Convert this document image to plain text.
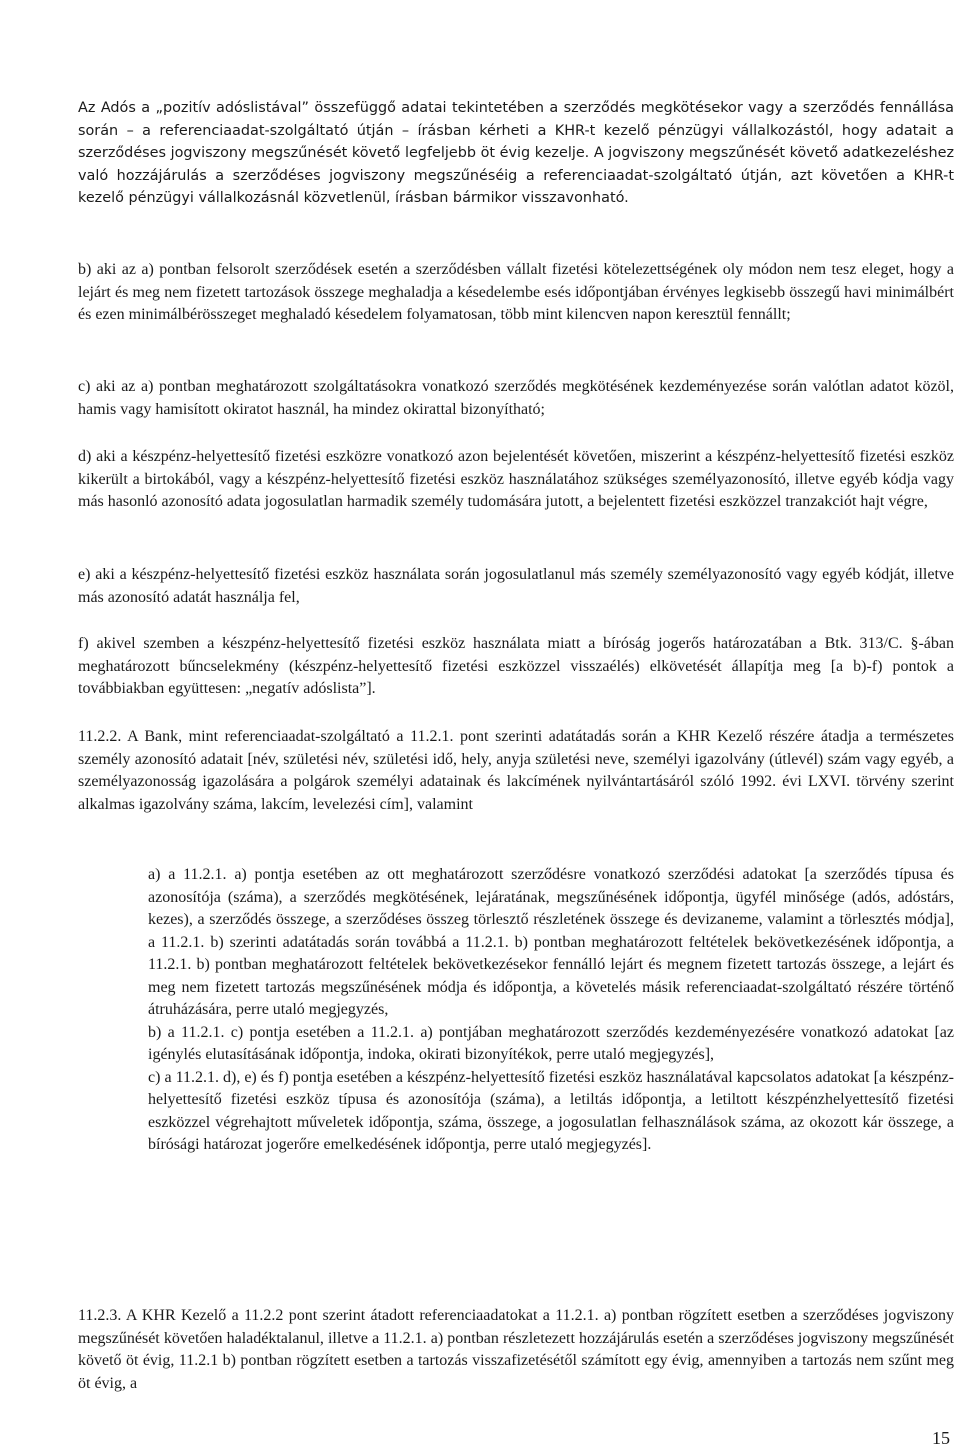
Az Adós a „pozitív adóslistával” összefüggő adatai tekintetében a szerződés megkötésekor vagy a szerződés fennállása során – a referenciaadat-szolgáltató útján – írásban kérheti a KHR-t kezelő pénzügyi vállalkozástól, hogy adatait a szerződéses jogviszony megszűnését követő legfeljebb öt évig kezelje. A jogviszony megszűnését követő adatkezeléshez való hozzájárulás a szerződéses jogviszony megszűnéséig a referenciaadat-szolgáltató útján, azt követően a KHR-t kezelő pénzügyi vállalkozásnál közvetlenül, írásban bármikor visszavonható.
b) aki az a) pontban felsorolt szerződések esetén a szerződésben vállalt fizetési kötelezettségének oly módon nem tesz eleget, hogy a lejárt és meg nem fizetett tartozások összege meghaladja a késedelembe esés időpontjában érvényes legkisebb összegű havi minimálbért és ezen minimálbérösszeget meghaladó késedelem folyamatosan, több mint kilencven napon keresztül fennállt;
c) aki az a) pontban meghatározott szolgáltatásokra vonatkozó szerződés megkötésének kezdeményezése során valótlan adatot közöl, hamis vagy hamisított okiratot használ, ha mindez okirattal bizonyítható;
d) aki a készpénz-helyettesítő fizetési eszközre vonatkozó azon bejelentését követően, miszerint a készpénz-helyettesítő fizetési eszköz kikerült a birtokából, vagy a készpénz-helyettesítő fizetési eszköz használatához szükséges személyazonosító, illetve egyéb kódja vagy más hasonló azonosító adata jogosulatlan harmadik személy tudomására jutott, a bejelentett fizetési eszközzel tranzakciót hajt végre,
e) aki a készpénz-helyettesítő fizetési eszköz használata során jogosulatlanul más személy személyazonosító vagy egyéb kódját, illetve más azonosító adatát használja fel,
f) akivel szemben a készpénz-helyettesítő fizetési eszköz használata miatt a bíróság jogerős határozatában a Btk. 313/C. §-ában meghatározott bűncselekmény (készpénz-helyettesítő fizetési eszközzel visszaélés) elkövetését állapítja meg [a b)-f) pontok a továbbiakban együttesen: „negatív adóslista”].
11.2.2. A Bank, mint referenciaadat-szolgáltató a 11.2.1. pont szerinti adatátadás során a KHR Kezelő részére átadja a természetes személy azonosító adatait [név, születési név, születési idő, hely, anyja születési neve, személyi igazolvány (útlevél) szám vagy egyéb, a személyazonosság igazolására a polgárok személyi adatainak és lakcímének nyilvántartásáról szóló 1992. évi LXVI. törvény szerint alkalmas igazolvány száma, lakcím, levelezési cím], valamint
a) a 11.2.1. a) pontja esetében az ott meghatározott szerződésre vonatkozó szerződési adatokat [a szerződés típusa és azonosítója (száma), a szerződés megkötésének, lejáratának, megszűnésének időpontja, ügyfél minősége (adós, adóstárs, kezes), a szerződés összege, a szerződéses összeg törlesztő részletének összege és devizaneme, valamint a törlesztés módja], a 11.2.1. b) szerinti adatátadás során továbbá a 11.2.1. b) pontban meghatározott feltételek bekövetkezésének időpontja, a 11.2.1. b) pontban meghatározott feltételek bekövetkezésekor fennálló lejárt és megnem fizetett tartozás összege, a lejárt és meg nem fizetett tartozás megszűnésének módja és időpontja, a követelés másik referenciaadat-szolgáltató részére történő átruházására, perre utaló megjegyzés,
b) a 11.2.1. c) pontja esetében a 11.2.1. a) pontjában meghatározott szerződés kezdeményezésére vonatkozó adatokat [az igénylés elutasításának időpontja, indoka, okirati bizonyítékok, perre utaló megjegyzés],
c) a 11.2.1. d), e) és f) pontja esetében a készpénz-helyettesítő fizetési eszköz használatával kapcsolatos adatokat [a készpénz-helyettesítő fizetési eszköz típusa és azonosítója (száma), a letiltás időpontja, a letiltott készpénzhelyettesítő fizetési eszközzel végrehajtott műveletek időpontja, száma, összege, a jogosulatlan felhasználások száma, az okozott kár összege, a bírósági határozat jogerőre emelkedésének időpontja, perre utaló megjegyzés].
11.2.3. A KHR Kezelő a 11.2.2 pont szerint átadott referenciaadatokat a 11.2.1. a) pontban rögzített esetben a szerződéses jogviszony megszűnését követően haladéktalanul, illetve a 11.2.1. a) pontban részletezett hozzájárulás esetén a szerződéses jogviszony megszűnését követő öt évig, 11.2.1 b) pontban rögzített esetben a tartozás visszafizetésétől számított egy évig, amennyiben a tartozás nem szűnt meg öt évig, a
15
